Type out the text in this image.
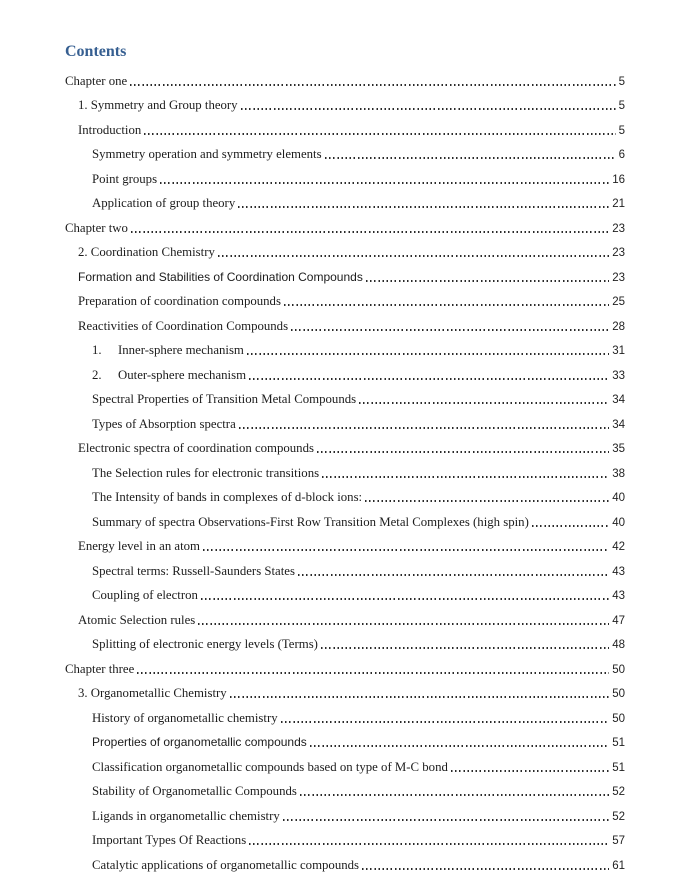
Contents
Chapter one	5
1. Symmetry and Group theory	5
Introduction	5
Symmetry operation and symmetry elements	6
Point groups	16
Application of group theory	21
Chapter two	23
2. Coordination Chemistry	23
Formation and Stabilities of Coordination Compounds	23
Preparation of coordination compounds	25
Reactivities of Coordination Compounds	28
1.	Inner-sphere mechanism	31
2.	Outer-sphere mechanism	33
Spectral Properties of Transition Metal Compounds	34
Types of Absorption spectra	34
Electronic spectra of coordination compounds	35
The Selection rules for electronic transitions	38
The Intensity of bands in complexes of d-block ions:	40
Summary of spectra Observations-First Row Transition Metal Complexes (high spin)	40
Energy level in an atom	42
Spectral terms: Russell-Saunders States	43
Coupling of electron	43
Atomic Selection rules	47
Splitting of electronic energy levels (Terms)	48
Chapter three	50
3. Organometallic Chemistry	50
History of organometallic chemistry	50
Properties of organometallic compounds	51
Classification organometallic compounds based on type of M-C bond	51
Stability of Organometallic Compounds	52
Ligands in organometallic chemistry	52
Important Types Of Reactions	57
Catalytic applications of organometallic compounds	61
